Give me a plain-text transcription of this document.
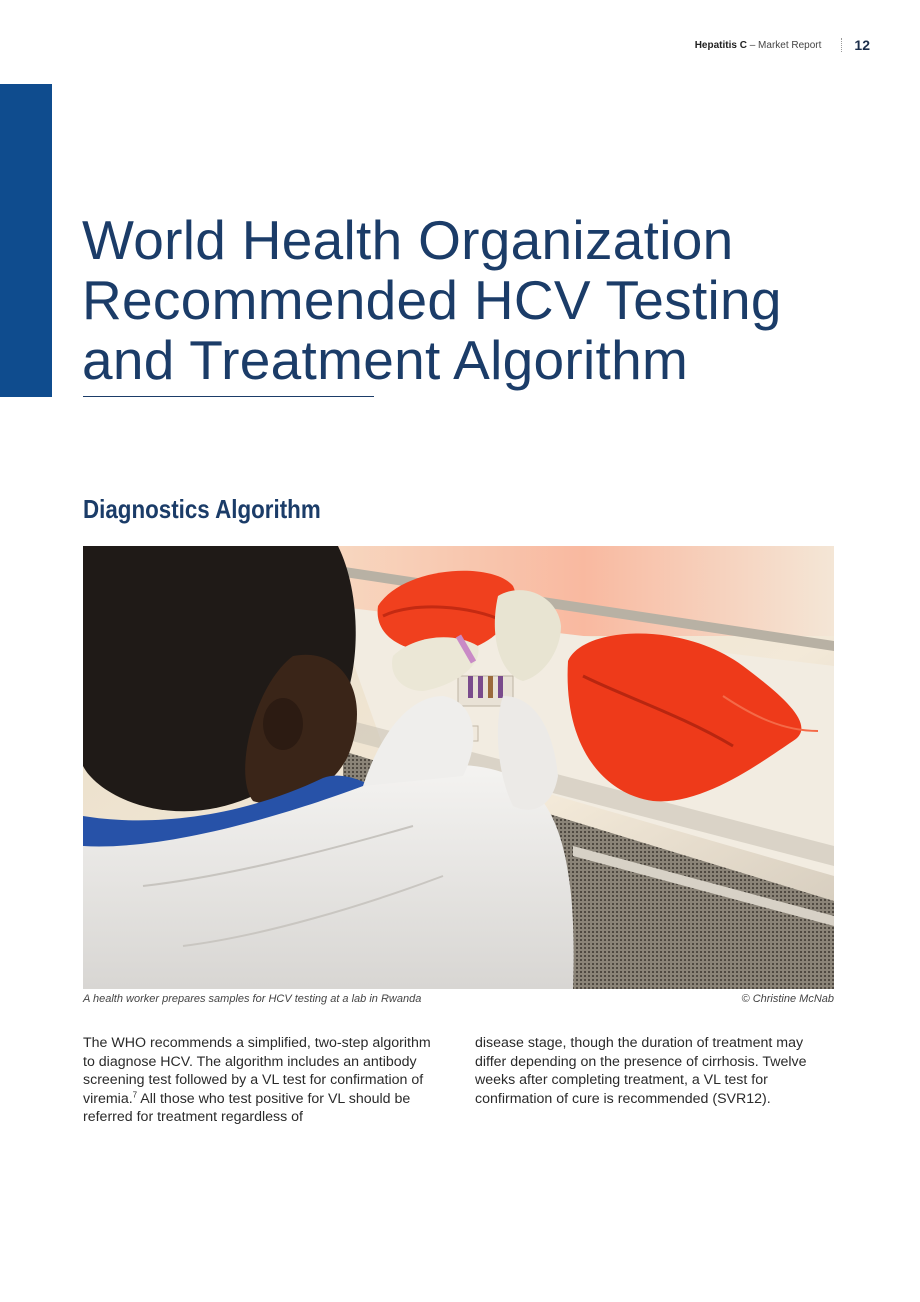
Hepatitis C – Market Report 12
World Health Organization
Recommended HCV Testing
and Treatment Algorithm
Diagnostics Algorithm
A health worker prepares samples for HCV testing at a lab in Rwanda	© Christine McNab

The WHO recommends a simplified, two-step algorithm to diagnose HCV. The algorithm includes an antibody screening test followed by a VL test for confirmation of viremia.$^7$ All those who test positive for VL should be referred for treatment regardless of

disease stage, though the duration of treatment may differ depending on the presence of cirrhosis. Twelve weeks after completing treatment, a VL test for confirmation of cure is recommended (SVR12).
